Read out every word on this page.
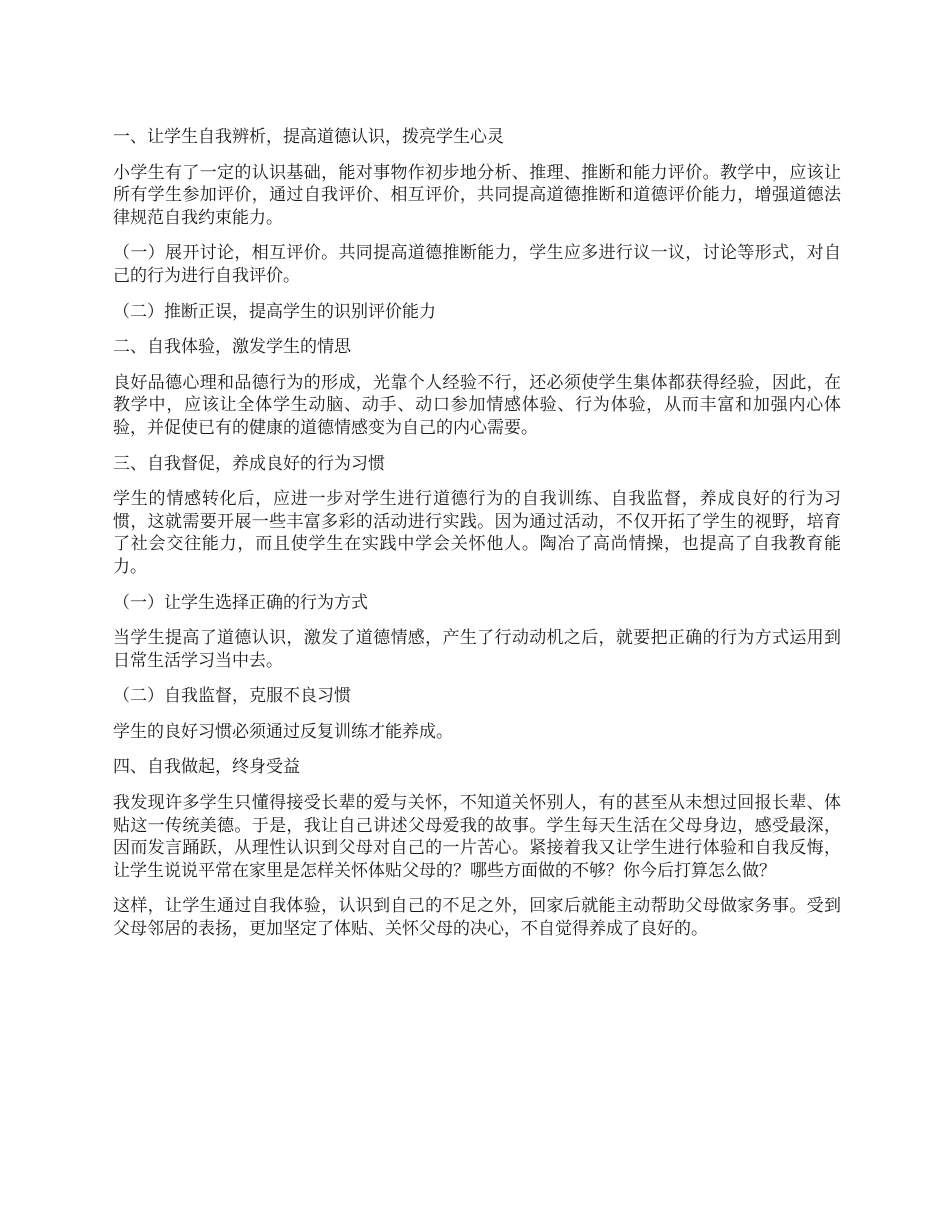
一、让学生自我辨析，提高道德认识，拨亮学生心灵

小学生有了一定的认识基础，能对事物作初步地分析、推理、推断和能力评价。教学中，应该让所有学生参加评价，通过自我评价、相互评价，共同提高道德推断和道德评价能力，增强道德法律规范自我约束能力。

（一）展开讨论，相互评价。共同提高道德推断能力，学生应多进行议一议，讨论等形式，对自己的行为进行自我评价。

（二）推断正误，提高学生的识别评价能力

二、自我体验，激发学生的情思

良好品德心理和品德行为的形成，光靠个人经验不行，还必须使学生集体都获得经验，因此，在教学中，应该让全体学生动脑、动手、动口参加情感体验、行为体验，从而丰富和加强内心体验，并促使已有的健康的道德情感变为自己的内心需要。

三、自我督促，养成良好的行为习惯

学生的情感转化后，应进一步对学生进行道德行为的自我训练、自我监督，养成良好的行为习惯，这就需要开展一些丰富多彩的活动进行实践。因为通过活动，不仅开拓了学生的视野，培育了社会交往能力，而且使学生在实践中学会关怀他人。陶冶了高尚情操，也提高了自我教育能力。

（一）让学生选择正确的行为方式

当学生提高了道德认识，激发了道德情感，产生了行动动机之后，就要把正确的行为方式运用到日常生活学习当中去。

（二）自我监督，克服不良习惯

学生的良好习惯必须通过反复训练才能养成。

四、自我做起，终身受益

我发现许多学生只懂得接受长辈的爱与关怀，不知道关怀别人，有的甚至从未想过回报长辈、体贴这一传统美德。于是，我让自己讲述父母爱我的故事。学生每天生活在父母身边，感受最深，因而发言踊跃，从理性认识到父母对自己的一片苦心。紧接着我又让学生进行体验和自我反悔，让学生说说平常在家里是怎样关怀体贴父母的？哪些方面做的不够？你今后打算怎么做？

这样，让学生通过自我体验，认识到自己的不足之外，回家后就能主动帮助父母做家务事。受到父母邻居的表扬，更加坚定了体贴、关怀父母的决心，不自觉得养成了良好的。
